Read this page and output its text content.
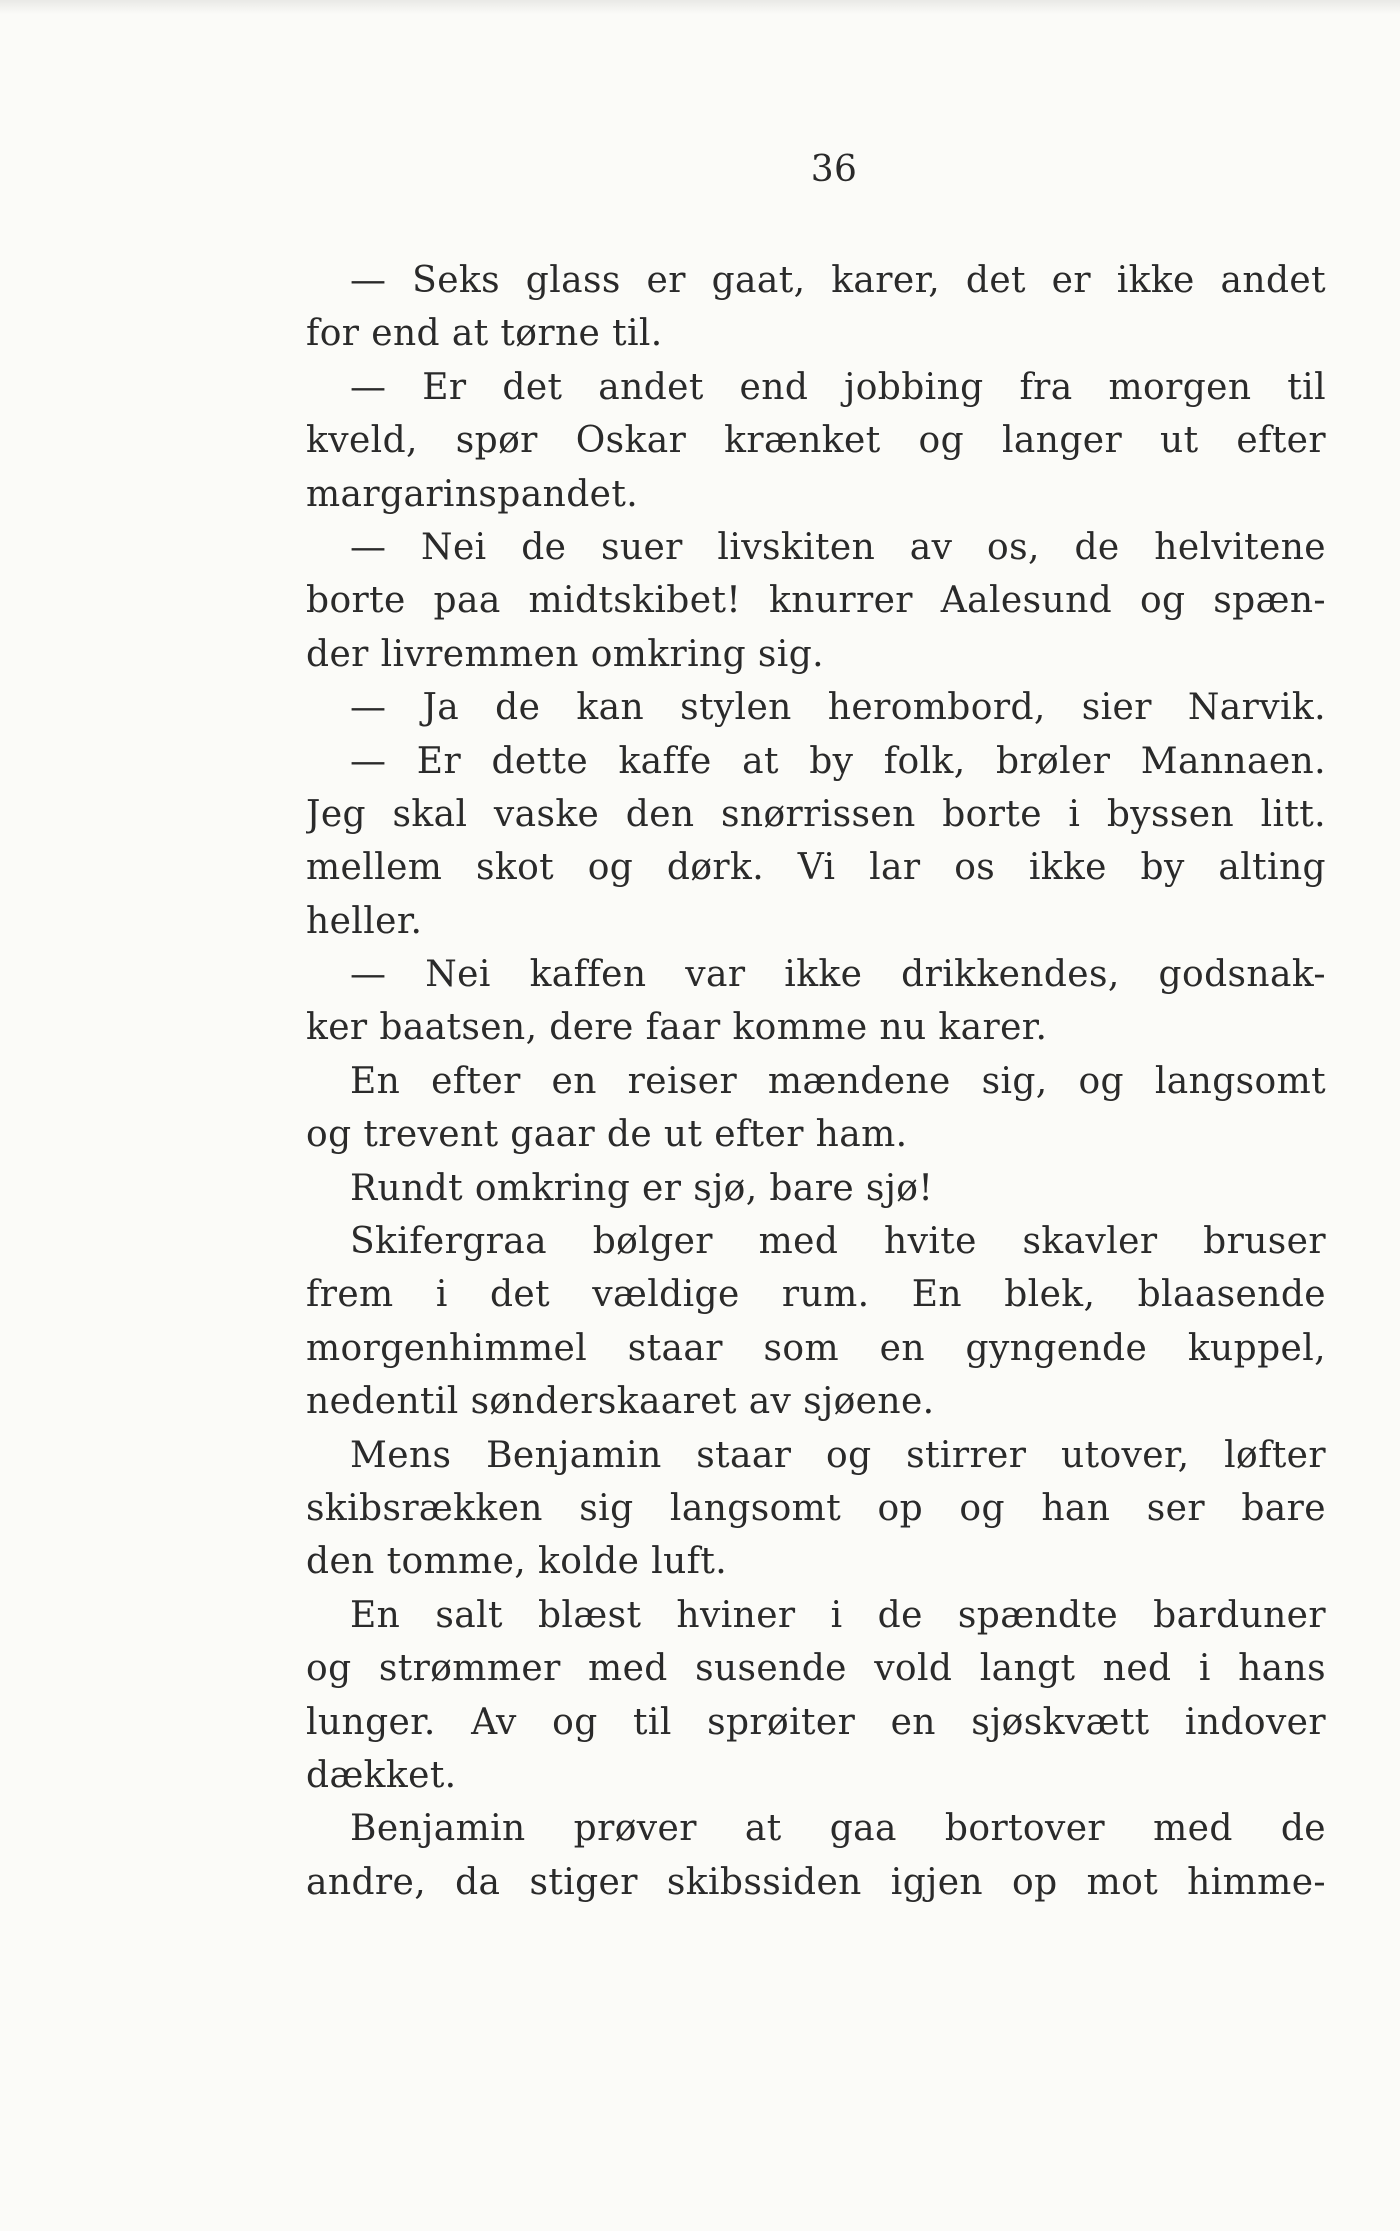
36
— Seks glass er gaat, karer, det er ikke andet
for end at tørne til.
— Er det andet end jobbing fra morgen til
kveld, spør Oskar krænket og langer ut efter
margarinspandet.
— Nei de suer livskiten av os, de helvitene
borte paa midtskibet! knurrer Aalesund og spæn-
der livremmen omkring sig.
— Ja de kan stylen herombord, sier Narvik.
— Er dette kaffe at by folk, brøler Mannaen.
Jeg skal vaske den snørrissen borte i byssen litt.
mellem skot og dørk. Vi lar os ikke by alting
heller.
— Nei kaffen var ikke drikkendes, godsnak-
ker baatsen, dere faar komme nu karer.
En efter en reiser mændene sig, og langsomt
og trevent gaar de ut efter ham.
Rundt omkring er sjø, bare sjø!
Skifergraa bølger med hvite skavler bruser
frem i det vældige rum. En blek, blaasende
morgenhimmel staar som en gyngende kuppel,
nedentil sønderskaaret av sjøene.
Mens Benjamin staar og stirrer utover, løfter
skibsrækken sig langsomt op og han ser bare
den tomme, kolde luft.
En salt blæst hviner i de spændte barduner
og strømmer med susende vold langt ned i hans
lunger. Av og til sprøiter en sjøskvætt indover
dækket.
Benjamin prøver at gaa bortover med de
andre, da stiger skibssiden igjen op mot himme-
